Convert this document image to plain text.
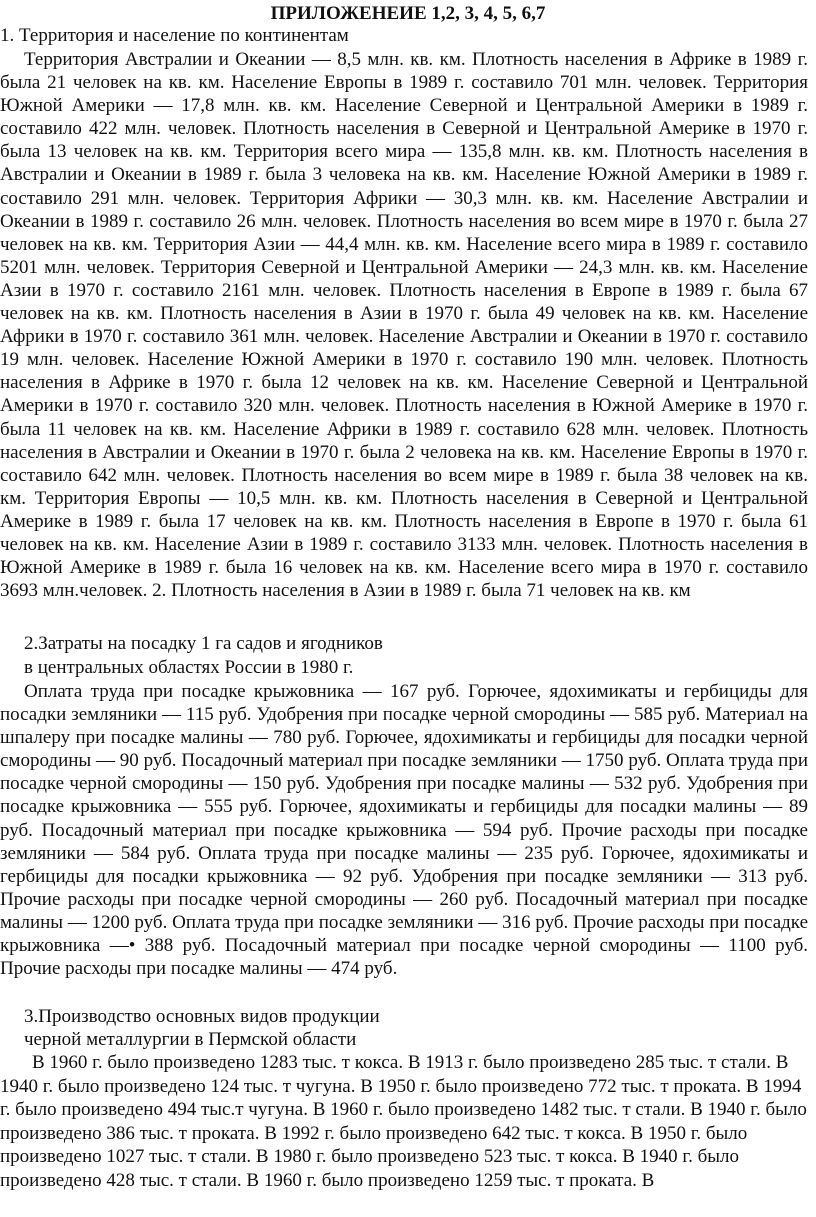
ПРИЛОЖЕНЕИЕ 1,2, 3, 4, 5, 6,7
1. Территория и население по континентам

Территория Австралии и Океании — 8,5 млн. кв. км. Плотность населения в Африке в 1989 г. была 21 человек на кв. км. Население Европы в 1989 г. составило 701 млн. человек. Территория Южной Америки — 17,8 млн. кв. км. Население Северной и Центральной Америки в 1989 г. составило 422 млн. человек. Плотность населения в Северной и Центральной Америке в 1970 г. была 13 человек на кв. км. Территория всего мира — 135,8 млн. кв. км. Плотность населения в Австралии и Океании в 1989 г. была 3 человека на кв. км. Население Южной Америки в 1989 г. составило 291 млн. человек. Территория Африки — 30,3 млн. кв. км. Население Австралии и Океании в 1989 г. составило 26 млн. человек. Плотность населения во всем мире в 1970 г. была 27 человек на кв. км. Территория Азии — 44,4 млн. кв. км. Население всего мира в 1989 г. составило 5201 млн. человек. Территория Северной и Центральной Америки — 24,3 млн. кв. км. Население Азии в 1970 г. составило 2161 млн. человек. Плотность населения в Европе в 1989 г. была 67 человек на кв. км. Плотность населения в Азии в 1970 г. была 49 человек на кв. км. Население Африки в 1970 г. составило 361 млн. человек. Население Австралии и Океании в 1970 г. составило 19 млн. человек. Население Южной Америки в 1970 г. составило 190 млн. человек. Плотность населения в Африке в 1970 г. была 12 человек на кв. км. Население Северной и Центральной Америки в 1970 г. составило 320 млн. человек. Плотность населения в Южной Америке в 1970 г. была 11 человек на кв. км. Население Африки в 1989 г. составило 628 млн. человек. Плотность населения в Австралии и Океании в 1970 г. была 2 человека на кв. км. Население Европы в 1970 г. составило 642 млн. человек. Плотность населения во всем мире в 1989 г. была 38 человек на кв. км. Территория Европы — 10,5 млн. кв. км. Плотность населения в Северной и Центральной Америке в 1989 г. была 17 человек на кв. км. Плотность населения в Европе в 1970 г. была 61 человек на кв. км. Население Азии в 1989 г. составило 3133 млн. человек. Плотность населения в Южной Америке в 1989 г. была 16 человек на кв. км. Население всего мира в 1970 г. составило 3693 млн.человек. 2. Плотность населения в Азии в 1989 г. была 71 человек на кв. км

2.Затраты на посадку 1 га садов и ягодников
в центральных областях России в 1980 г.

Оплата труда при посадке крыжовника — 167 руб. Горючее, ядохимикаты и гербициды для посадки земляники — 115 руб. Удобрения при посадке черной смородины — 585 руб. Материал на шпалеру при посадке малины — 780 руб. Горючее, ядохимикаты и гербициды для посадки черной смородины — 90 руб. Посадочный материал при посадке земляники — 1750 руб. Оплата труда при посадке черной смородины — 150 руб. Удобрения при посадке малины — 532 руб. Удобрения при посадке крыжовника — 555 руб. Горючее, ядохимикаты и гербициды для посадки малины — 89 руб. Посадочный материал при посадке крыжовника — 594 руб. Прочие расходы при посадке земляники — 584 руб. Оплата труда при посадке малины — 235 руб. Горючее, ядохимикаты и гербициды для посадки крыжовника — 92 руб. Удобрения при посадке земляники — 313 руб. Прочие расходы при посадке черной смородины — 260 руб. Посадочный материал при посадке малины — 1200 руб. Оплата труда при посадке земляники — 316 руб. Прочие расходы при посадке крыжовника —• 388 руб. Посадочный материал при посадке черной смородины — 1100 руб. Прочие расходы при посадке малины — 474 руб.

3.Производство основных видов продукции
черной металлургии в Пермской области

В 1960 г. было произведено 1283 тыс. т кокса. В 1913 г. было произведено 285 тыс. т стали. В 1940 г. было произведено 124 тыс. т чугуна. В 1950 г. было произведено 772 тыс. т проката. В 1994 г. было произведено 494 тыс.т чугуна. В 1960 г. было произведено 1482 тыс. т стали. В 1940 г. было произведено 386 тыс. т проката. В 1992 г. было произведено 642 тыс. т кокса. В 1950 г. было произведено 1027 тыс. т стали. В 1980 г. было произведено 523 тыс. т кокса. В 1940 г. было произведено 428 тыс. т стали. В 1960 г. было произведено 1259 тыс. т проката. В
